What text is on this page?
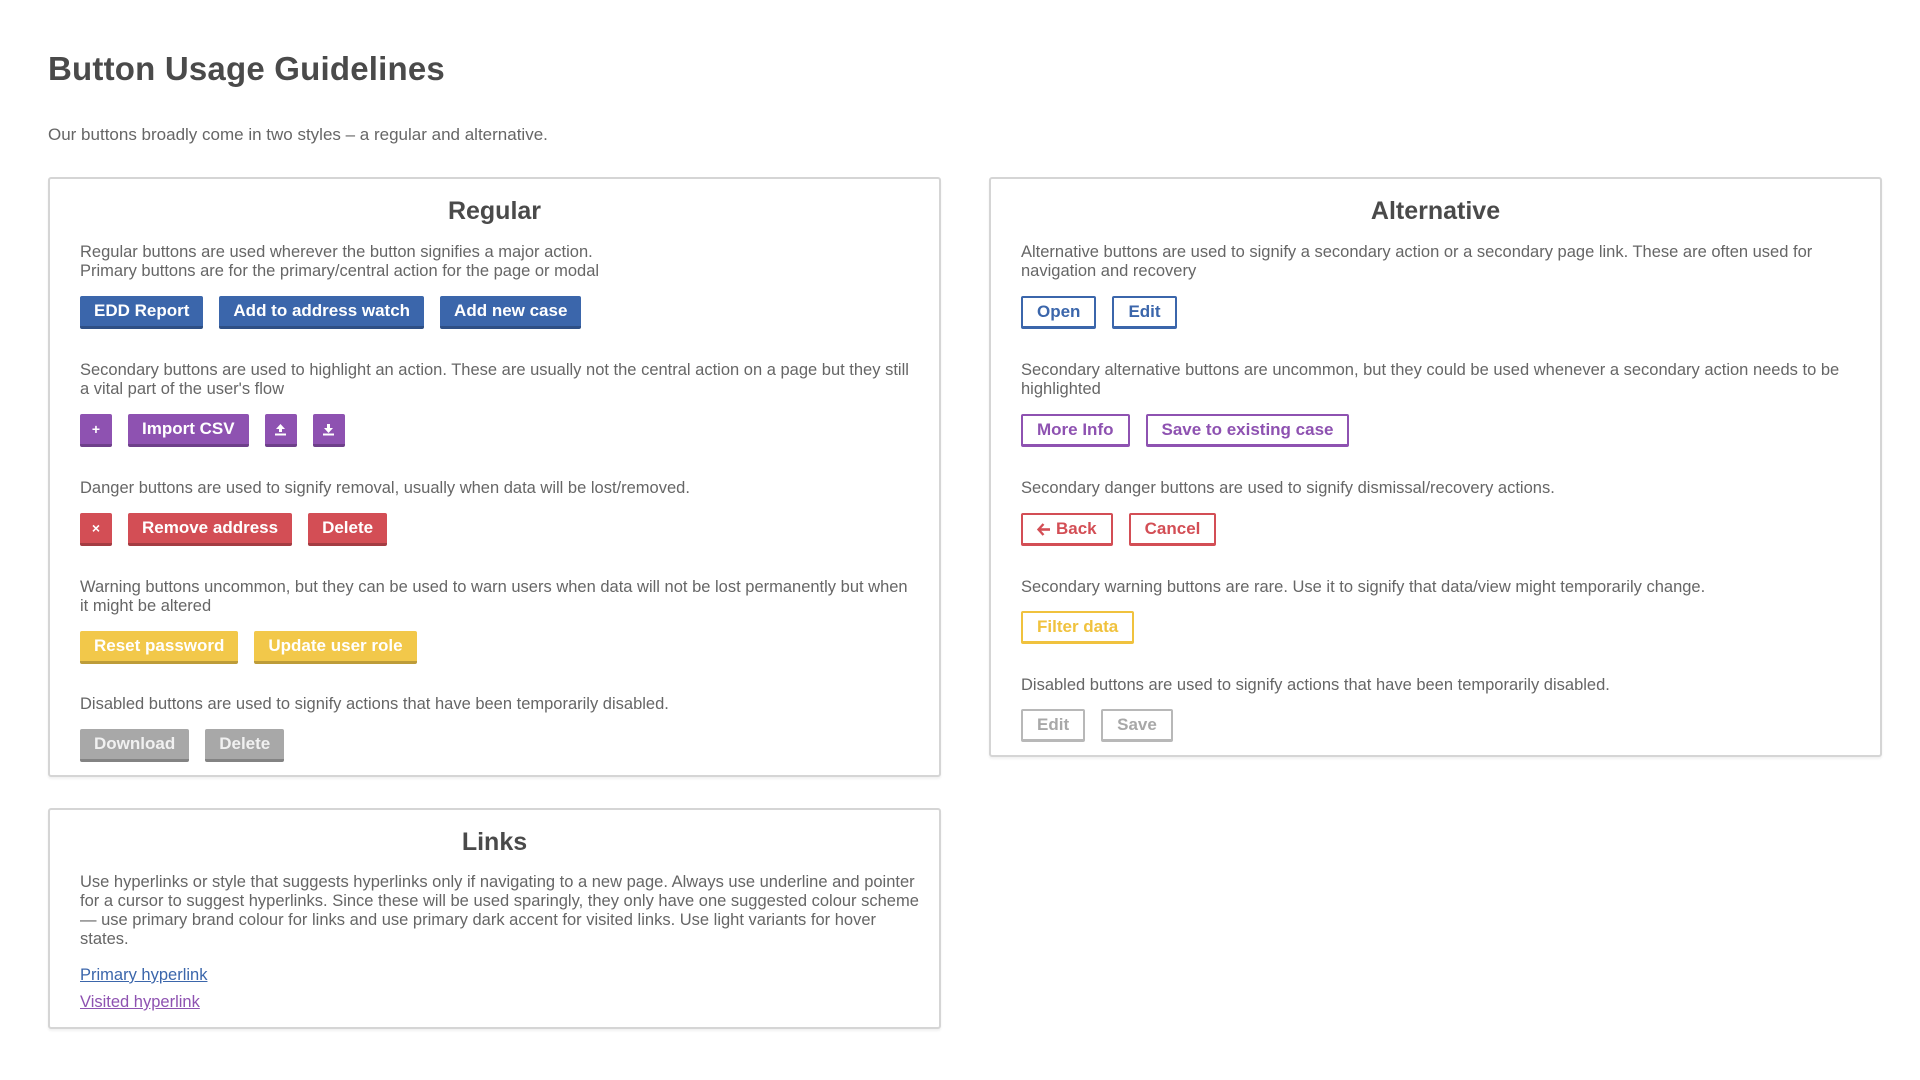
Button Usage Guidelines

Our buttons broadly come in two styles – a regular and alternative.

Regular

Regular buttons are used wherever the button signifies a major action.
Primary buttons are for the primary/central action for the page or modal

EDD Report	Add to address watch	Add new case

Secondary buttons are used to highlight an action. These are usually not the central action on a page but they still a vital part of the user's flow

+	Import CSV

Danger buttons are used to signify removal, usually when data will be lost/removed.

×	Remove address	Delete

Warning buttons uncommon, but they can be used to warn users when data will not be lost permanently but when it might be altered

Reset password	Update user role

Disabled buttons are used to signify actions that have been temporarily disabled.

Download	Delete
Alternative

Alternative buttons are used to signify a secondary action or a secondary page link. These are often used for navigation and recovery

Open	Edit

Secondary alternative buttons are uncommon, but they could be used whenever a secondary action needs to be highlighted

More Info	Save to existing case

Secondary danger buttons are used to signify dismissal/recovery actions.

Back	Cancel

Secondary warning buttons are rare. Use it to signify that data/view might temporarily change.

Filter data

Disabled buttons are used to signify actions that have been temporarily disabled.

Edit	Save
Links

Use hyperlinks or style that suggests hyperlinks only if navigating to a new page. Always use underline and pointer for a cursor to suggest hyperlinks. Since these will be used sparingly, they only have one suggested colour scheme — use primary brand colour for links and use primary dark accent for visited links. Use light variants for hover states.

Primary hyperlink
Visited hyperlink
